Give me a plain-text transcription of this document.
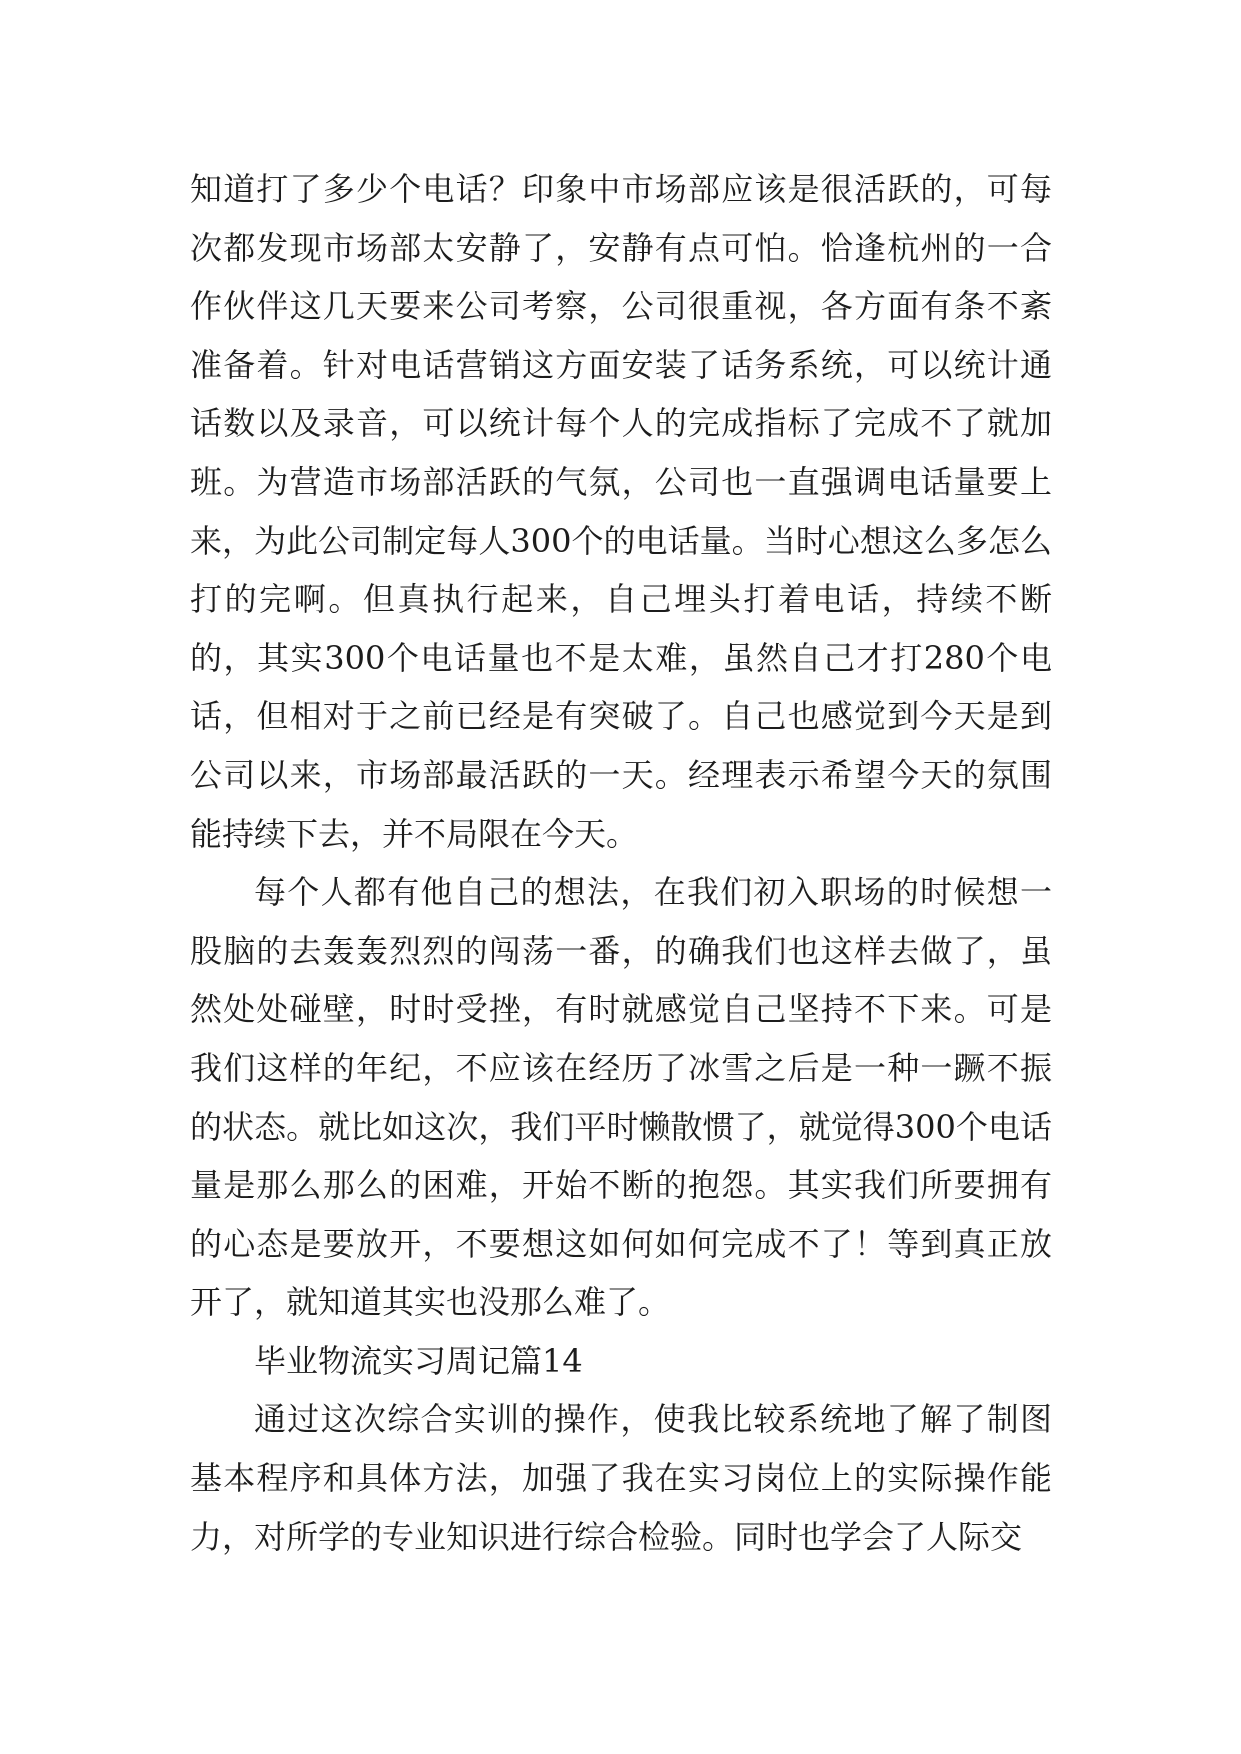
知道打了多少个电话？印象中市场部应该是很活跃的，可每次都发现市场部太安静了，安静有点可怕。恰逢杭州的一合作伙伴这几天要来公司考察，公司很重视，各方面有条不紊准备着。针对电话营销这方面安装了话务系统，可以统计通话数以及录音，可以统计每个人的完成指标了完成不了就加班。为营造市场部活跃的气氛，公司也一直强调电话量要上来，为此公司制定每人300个的电话量。当时心想这么多怎么打的完啊。但真执行起来，自己埋头打着电话，持续不断的，其实300个电话量也不是太难，虽然自己才打280个电话，但相对于之前已经是有突破了。自己也感觉到今天是到公司以来，市场部最活跃的一天。经理表示希望今天的氛围能持续下去，并不局限在今天。

每个人都有他自己的想法，在我们初入职场的时候想一股脑的去轰轰烈烈的闯荡一番，的确我们也这样去做了，虽然处处碰壁，时时受挫，有时就感觉自己坚持不下来。可是我们这样的年纪，不应该在经历了冰雪之后是一种一蹶不振的状态。就比如这次，我们平时懒散惯了，就觉得300个电话量是那么那么的困难，开始不断的抱怨。其实我们所要拥有的心态是要放开，不要想这如何如何完成不了！等到真正放开了，就知道其实也没那么难了。

毕业物流实习周记篇14

通过这次综合实训的操作，使我比较系统地了解了制图基本程序和具体方法，加强了我在实习岗位上的实际操作能力，对所学的专业知识进行综合检验。同时也学会了人际交
